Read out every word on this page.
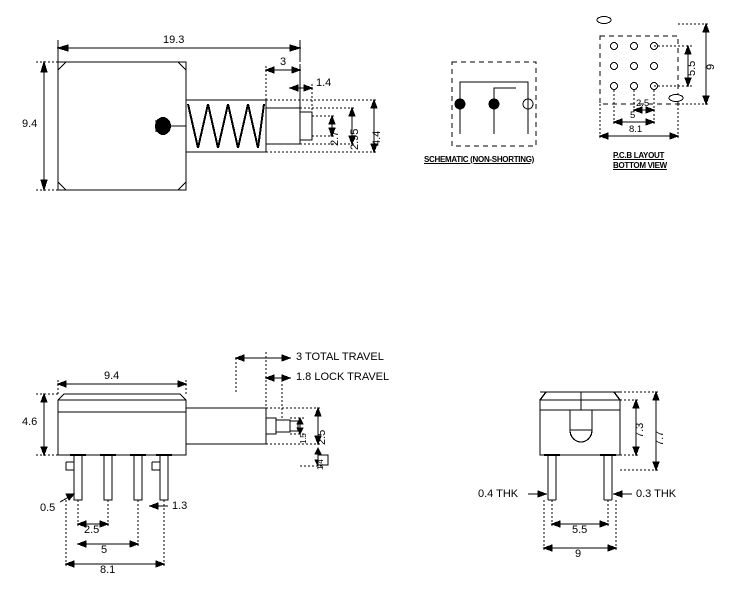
19.3
9.4
3
1.4
2.7 2.95 4.4
SCHEMATIC (NON-SHORTING)
5.5 9
2.5
5
8.1
P.C.B LAYOUT
BOTTOM VIEW
9.4
4.6
0.5
2.5
1.3
5
8.1
1.5 2.5
1.4
3 TOTAL TRAVEL
1.8 LOCK TRAVEL
7.3
7.7
0.4 THK	0.3 THK
5.5
9
